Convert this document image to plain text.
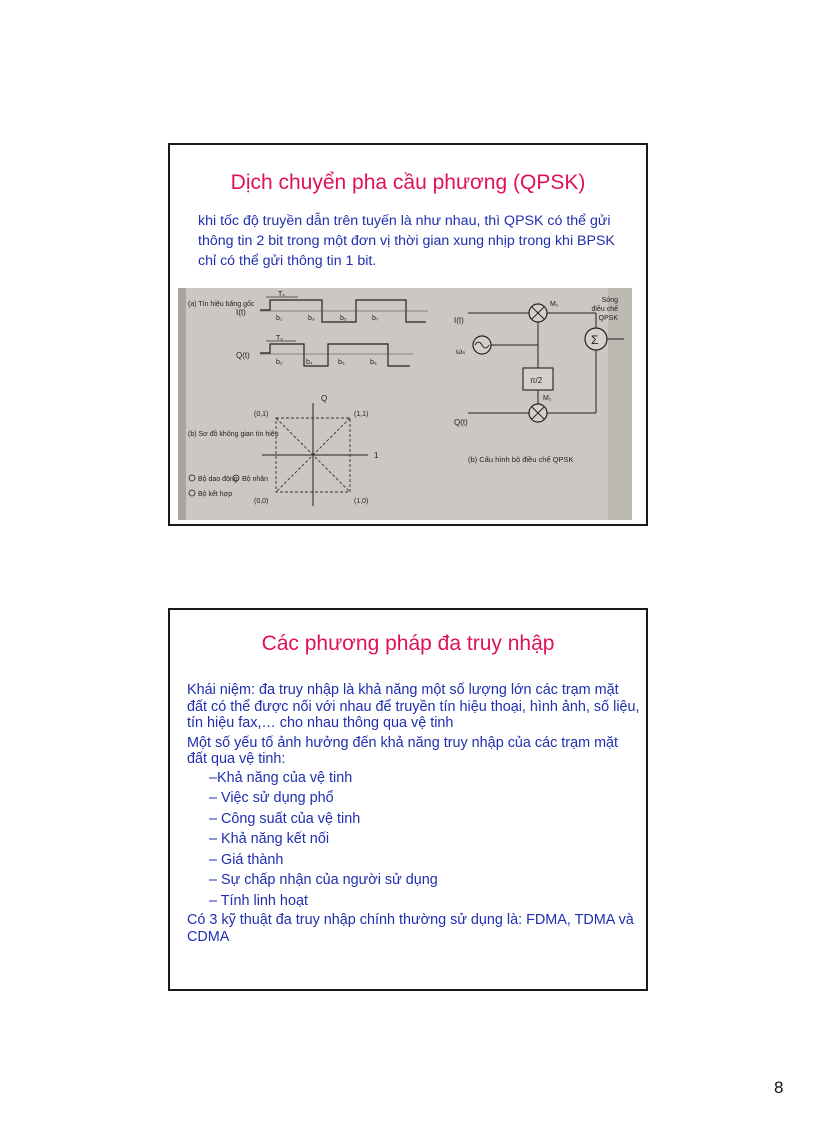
Dịch chuyển pha cầu phương (QPSK)
khi tốc độ truyền dẫn trên tuyến là như nhau, thì QPSK có thể gửi thông tin 2 bit trong một đơn vị thời gian xung nhịp trong khi BPSK chỉ có thể gửi thông tin 1 bit.
(a) Tín hiệu băng gốc
I(t)
Tₛ
b₁	b₃	b₅	b₇
Q(t)
Tₛ
b₂	b₄	b₆	b₈
(b) Sơ đồ không gian tín hiệu
Q
1
(0,1)	(1,1)
(0,0)	(1,0)
Bộ dao động Bộ nhân
Bộ kết hợp
I(t)
M₁
ωₛ
π/2
M₂
Q(t)
Σ
Sóng
điều chế
QPSK
(b) Cấu hình bộ điều chế QPSK
Các phương pháp đa truy nhập

Khái niệm: đa truy nhập là khả năng một số lượng lớn các trạm mặt đất có thể được nối với nhau để truyền tín hiệu thoại, hình ảnh, số liệu, tín hiệu fax,… cho nhau thông qua vệ tinh

Một số yếu tố ảnh hưởng đến khả năng truy nhập của các trạm mặt đất qua vệ tinh:

–Khả năng của vệ tinh
– Việc sử dụng phổ
– Công suất của vệ tinh
– Khả năng kết nối
– Giá thành
– Sự chấp nhận của người sử dụng
– Tính linh hoạt

Có 3 kỹ thuật đa truy nhập chính thường sử dụng là: FDMA, TDMA và CDMA

8
